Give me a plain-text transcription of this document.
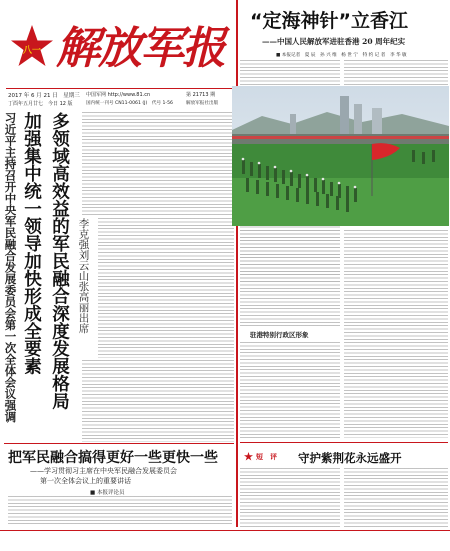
八一 解放军报
2017 年 6 月 21 日　星期三
丁酉年五月廿七　今日 12 版
中国军网 http://www.81.cn
国内统一刊号 CN11-0061 (J)　代号 1-56
第 21713 期
解放军报社出版
习近平主持召开中央军民融合发展委员会第一次全体会议强调 多领域高效益的军民融合深度发展格局
加强集中统一领导加快形成全要素	李克强刘云山张高丽出席
把军民融合搞得更好一些更快一些
——学习贯彻习主席在中央军民融合发展委员会
第一次全体会议上的重要讲话
■ 本报评论员
“定海神针”立香江
——中国人民解放军进驻香港 20 周年纪实
■ 本报记者　夏 辰　孙 兴 维　杨 世 宁　特 约 记 者　李 华 敏
驻港特别行政区形象
短　评 守护紫荆花永远盛开
